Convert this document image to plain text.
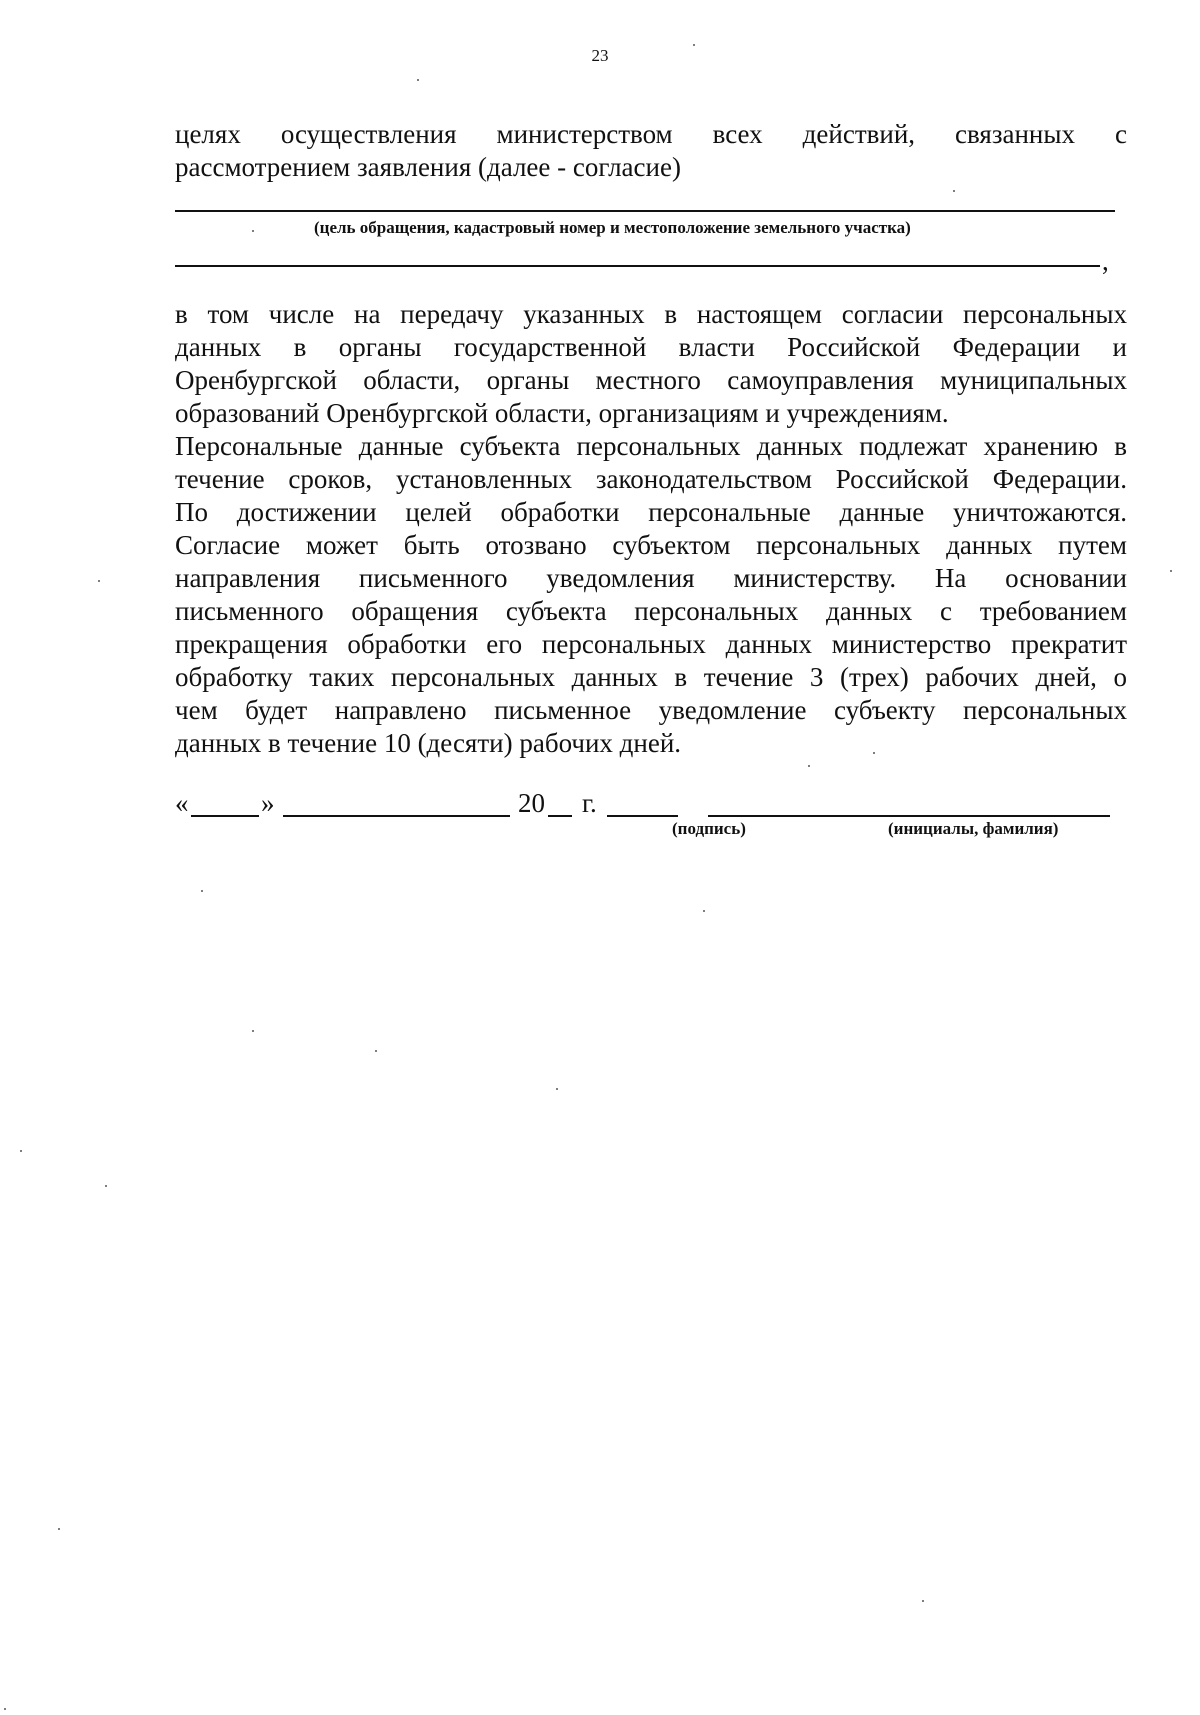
23
целях осуществления министерством всех действий, связанных с
рассмотрением заявления (далее - согласие)
(цель обращения, кадастровый номер и местоположение земельного участка)
,
в том числе на передачу указанных в настоящем согласии персональных
данных в органы государственной власти Российской Федерации и
Оренбургской области, органы местного самоуправления муниципальных
образований Оренбургской области, организациям и учреждениям.
Персональные данные субъекта персональных данных подлежат хранению в
течение сроков, установленных законодательством Российской Федерации.
По достижении целей обработки персональные данные уничтожаются.
Согласие может быть отозвано субъектом персональных данных путем
направления письменного уведомления министерству. На основании
письменного обращения субъекта персональных данных с требованием
прекращения обработки его персональных данных министерство прекратит
обработку таких персональных данных в течение 3 (трех) рабочих дней, о
чем будет направлено письменное уведомление субъекту персональных
данных в течение 10 (десяти) рабочих дней.
«	»	20 г.
(подпись)	(инициалы, фамилия)
